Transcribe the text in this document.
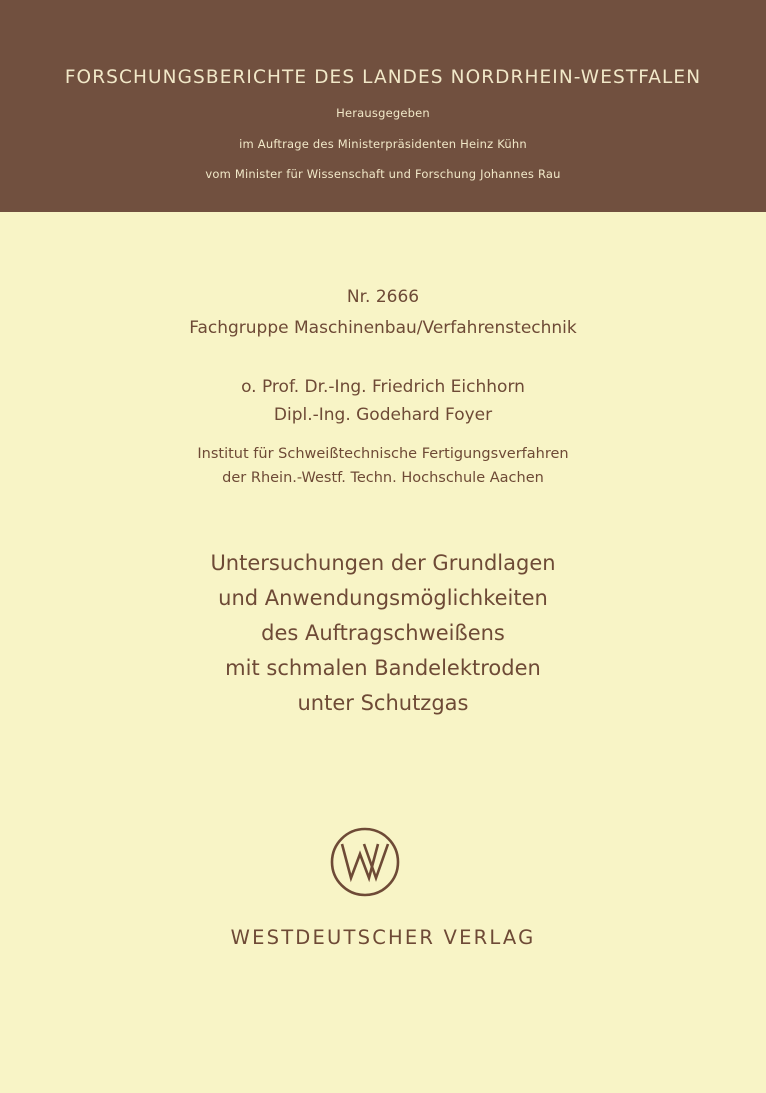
FORSCHUNGSBERICHTE DES LANDES NORDRHEIN-WESTFALEN
Herausgegeben
im Auftrage des Ministerpräsidenten Heinz Kühn
vom Minister für Wissenschaft und Forschung Johannes Rau
Nr. 2666
Fachgruppe Maschinenbau/Verfahrenstechnik
o. Prof. Dr.-Ing. Friedrich Eichhorn
Dipl.-Ing. Godehard Foyer
Institut für Schweißtechnische Fertigungsverfahren
der Rhein.-Westf. Techn. Hochschule Aachen
Untersuchungen der Grundlagen
und Anwendungsmöglichkeiten
des Auftragschweißens
mit schmalen Bandelektroden
unter Schutzgas
WESTDEUTSCHER VERLAG
